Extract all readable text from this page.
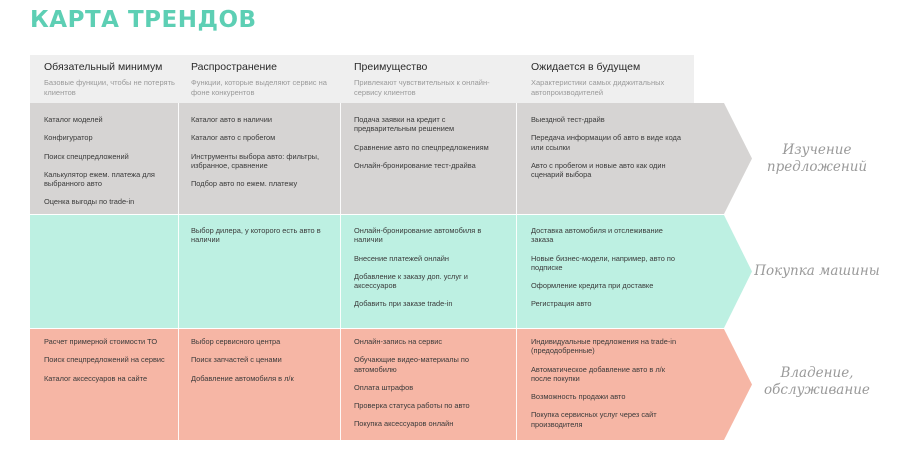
КАРТА ТРЕНДОВ
Обязательный минимум
Базовые функции, чтобы не потерять клиентов
Распространение
Функции, которые выделяют сервис на фоне конкурентов
Преимущество
Привлекают чувствительных к онлайн-сервису клиентов
Ожидается в будущем
Характеристики самых диджитальных автопроизводителей
Каталог моделей
Конфигуратор
Поиск спецпредложений
Калькулятор ежем. платежа для выбранного авто
Оценка выгоды по trade-in
Каталог авто в наличии
Каталог авто с пробегом
Инструменты выбора авто: фильтры, избранное, сравнение
Подбор авто по ежем. платежу
Подача заявки на кредит с предварительным решением
Сравнение авто по спецпредложениям
Онлайн-бронирование тест-драйва
Выездной тест-драйв
Передача информации об авто в виде кода или ссылки
Авто с пробегом и новые авто как один сценарий выбора
Изучение предложений
Выбор дилера, у которого есть авто в наличии
Онлайн-бронирование автомобиля в наличии
Внесение платежей онлайн
Добавление к заказу доп. услуг и аксессуаров
Добавить при заказе trade-in
Доставка автомобиля и отслеживание заказа
Новые бизнес-модели, например, авто по подписке
Оформление кредита при доставке
Регистрация авто
Покупка машины
Расчет примерной стоимости ТО
Поиск спецпредложений на сервис
Каталог аксессуаров на сайте
Выбор сервисного центра
Поиск запчастей с ценами
Добавление автомобиля в л/к
Онлайн-запись на сервис
Обучающие видео-материалы по автомобилю
Оплата штрафов
Проверка статуса работы по авто
Покупка аксессуаров онлайн
Индивидуальные предложения на trade-in (предодобренные)
Автоматическое добавление авто в л/к после покупки
Возможность продажи авто
Покупка сервисных услуг через сайт производителя
Владение, обслуживание
